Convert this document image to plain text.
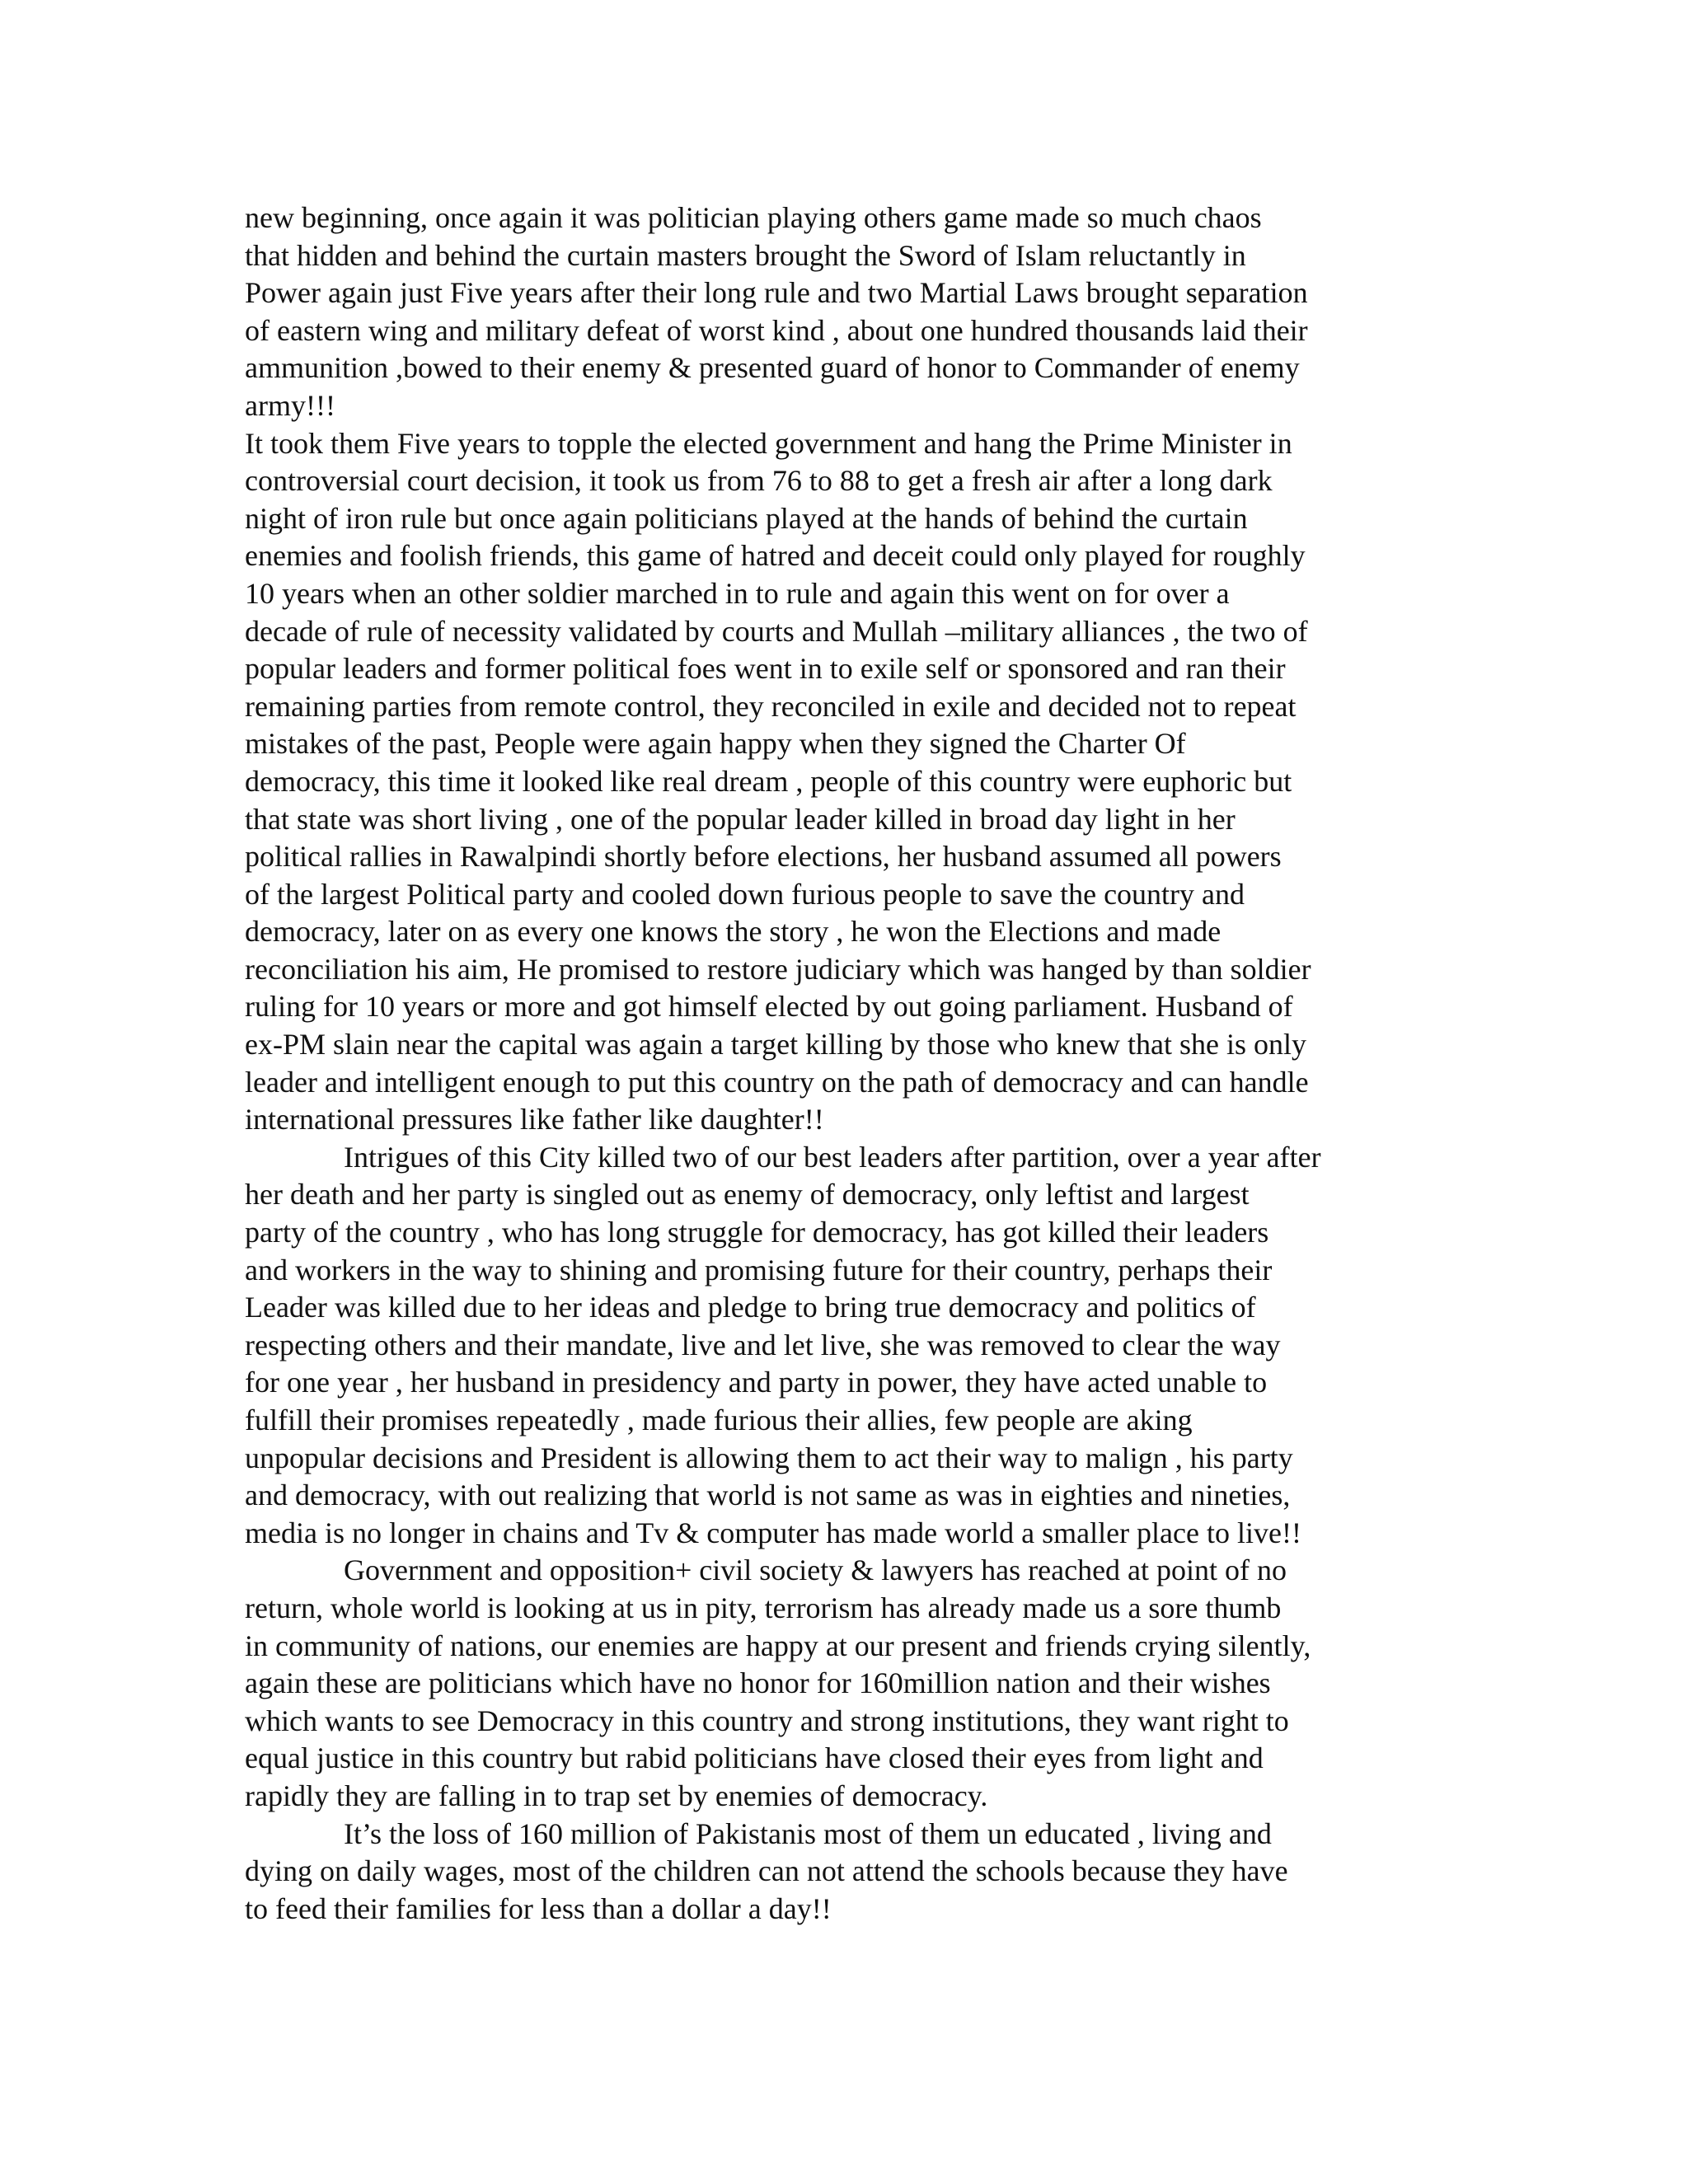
new beginning, once again it was politician playing others game made so much chaos
that hidden and behind the curtain masters brought the Sword of Islam reluctantly in
Power again just Five years after their long rule and two Martial Laws brought separation
of eastern wing and military defeat of worst kind , about one hundred thousands laid their
ammunition ,bowed to their enemy & presented guard of honor to Commander of enemy
army!!!

It took them Five years to topple the elected government and hang the Prime Minister in
controversial court decision, it took us from 76 to 88 to get a fresh air after a long dark
night of iron rule but once again politicians played at the hands of behind the curtain
enemies and foolish friends, this game of hatred and deceit could only played for roughly
10 years when an other soldier marched in to rule and again this went on for over a
decade of rule of necessity validated by courts and Mullah –military alliances , the two of
popular leaders and former political foes went in to exile self or sponsored and ran their
remaining parties from remote control, they reconciled in exile and decided not to repeat
mistakes of the past, People were again happy when they signed the Charter Of
democracy, this time it looked like real dream , people of this country were euphoric but
that state was short living , one of the popular leader killed in broad day light in her
political rallies in Rawalpindi shortly before elections, her husband assumed all powers
of the largest Political party and cooled down furious people to save the country and
democracy, later on as every one knows the story , he won the Elections and made
reconciliation his aim, He promised to restore judiciary which was hanged by than soldier
ruling for 10 years or more and got himself elected by out going parliament. Husband of
ex-PM slain near the capital was again a target killing by those who knew that she is only
leader and intelligent enough to put this country on the path of democracy and can handle
international pressures like father like daughter!!

Intrigues of this City killed two of our best leaders after partition, over a year after
her death and her party is singled out as enemy of democracy, only leftist and largest
party of the country , who has long struggle for democracy, has got killed their leaders
and workers in the way to shining and promising future for their country, perhaps their
Leader was killed due to her ideas and pledge to bring true democracy and politics of
respecting others and their mandate, live and let live, she was removed to clear the way
for one year , her husband in presidency and party in power, they have acted unable to
fulfill their promises repeatedly , made furious their allies, few people are aking
unpopular decisions and President is allowing them to act their way to malign , his party
and democracy, with out realizing that world is not same as was in eighties and nineties,
media is no longer in chains and Tv & computer has made world a smaller place to live!!

Government and opposition+ civil society & lawyers has reached at point of no
return, whole world is looking at us in pity, terrorism has already made us a sore thumb
in community of nations, our enemies are happy at our present and friends crying silently,
again these are politicians which have no honor for 160million nation and their wishes
which wants to see Democracy in this country and strong institutions, they want right to
equal justice in this country but rabid politicians have closed their eyes from light and
rapidly they are falling in to trap set by enemies of democracy.

It’s the loss of 160 million of Pakistanis most of them un educated , living and
dying on daily wages, most of the children can not attend the schools because they have
to feed their families for less than a dollar a day!!
